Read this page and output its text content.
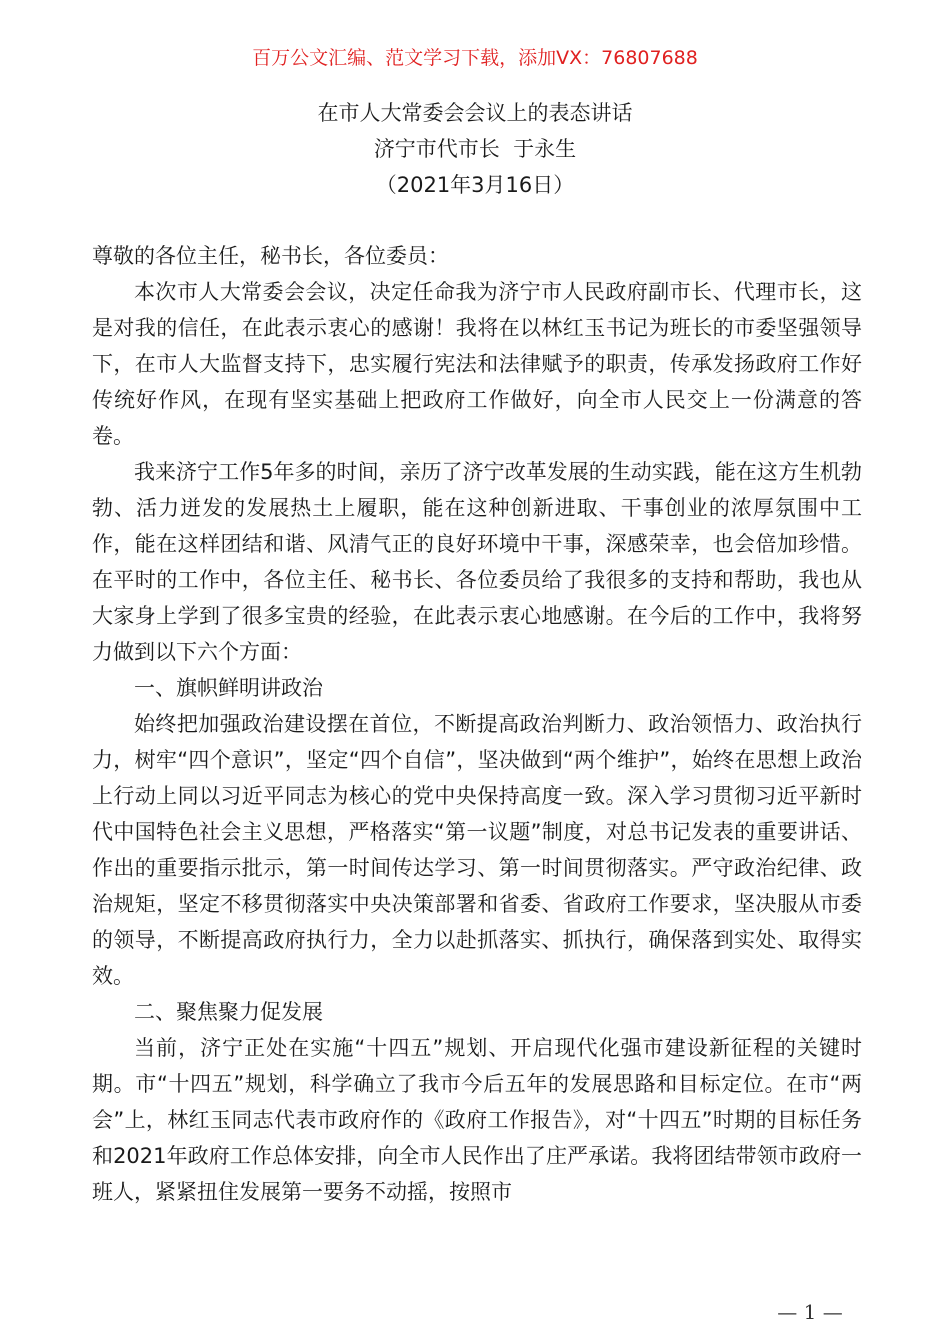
百万公文汇编、范文学习下载，添加VX：76807688
在市人大常委会会议上的表态讲话
济宁市代市长  于永生
（2021年3月16日）

尊敬的各位主任，秘书长，各位委员：

本次市人大常委会会议，决定任命我为济宁市人民政府副市长、代理市长，这是对我的信任，在此表示衷心的感谢！我将在以林红玉书记为班长的市委坚强领导下，在市人大监督支持下，忠实履行宪法和法律赋予的职责，传承发扬政府工作好传统好作风，在现有坚实基础上把政府工作做好，向全市人民交上一份满意的答卷。

我来济宁工作5年多的时间，亲历了济宁改革发展的生动实践，能在这方生机勃勃、活力迸发的发展热土上履职，能在这种创新进取、干事创业的浓厚氛围中工作，能在这样团结和谐、风清气正的良好环境中干事，深感荣幸，也会倍加珍惜。在平时的工作中，各位主任、秘书长、各位委员给了我很多的支持和帮助，我也从大家身上学到了很多宝贵的经验，在此表示衷心地感谢。在今后的工作中，我将努力做到以下六个方面：

一、旗帜鲜明讲政治

始终把加强政治建设摆在首位，不断提高政治判断力、政治领悟力、政治执行力，树牢“四个意识”，坚定“四个自信”，坚决做到“两个维护”，始终在思想上政治上行动上同以习近平同志为核心的党中央保持高度一致。深入学习贯彻习近平新时代中国特色社会主义思想，严格落实“第一议题”制度，对总书记发表的重要讲话、作出的重要指示批示，第一时间传达学习、第一时间贯彻落实。严守政治纪律、政治规矩，坚定不移贯彻落实中央决策部署和省委、省政府工作要求，坚决服从市委的领导，不断提高政府执行力，全力以赴抓落实、抓执行，确保落到实处、取得实效。

二、聚焦聚力促发展

当前，济宁正处在实施“十四五”规划、开启现代化强市建设新征程的关键时期。市“十四五”规划，科学确立了我市今后五年的发展思路和目标定位。在市“两会”上，林红玉同志代表市政府作的《政府工作报告》，对“十四五”时期的目标任务和2021年政府工作总体安排，向全市人民作出了庄严承诺。我将团结带领市政府一班人，紧紧扭住发展第一要务不动摇，按照市

— 1 —
